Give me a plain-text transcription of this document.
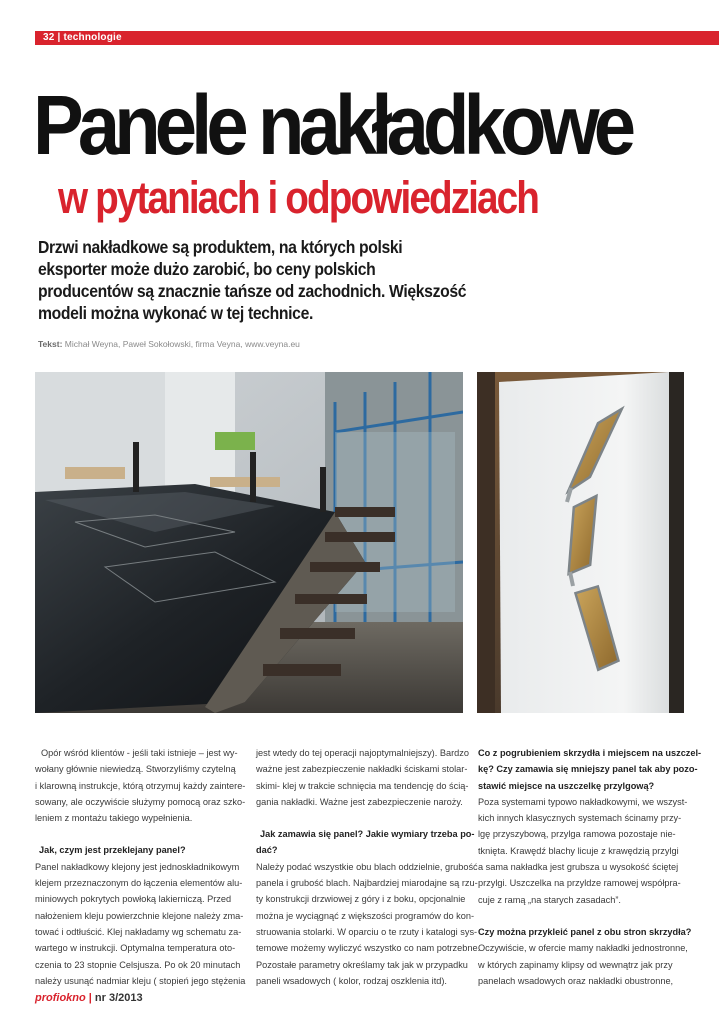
32 | technologie
Panele nakładkowe
w pytaniach i odpowiedziach

Drzwi nakładkowe są produktem, na których polski

eksporter może dużo zarobić, bo ceny polskich

producentów są znacznie tańsze od zachodnich. Większość

modeli można wykonać w tej technice.

Tekst: Michał Weyna, Paweł Sokołowski, firma Veyna, www.veyna.eu

Opór wśród klientów - jeśli taki istnieje – jest wy-

wołany głównie niewiedzą. Stworzyliśmy czytelną

i klarowną instrukcje, którą otrzymuj każdy zaintere-

sowany, ale oczywiście służymy pomocą oraz szko-

leniem z montażu takiego wypełnienia.

Jak, czym jest przeklejany panel?

Panel nakładkowy klejony jest jednoskładnikowym

klejem przeznaczonym do łączenia elementów alu-

miniowych pokrytych powłoką lakierniczą. Przed

nałożeniem kleju powierzchnie klejone należy zma-

tować i odtłuścić. Klej nakładamy wg schematu za-

wartego w instrukcji. Optymalna temperatura oto-

czenia to 23 stopnie Celsjusza. Po ok 20 minutach

należy usunąć nadmiar kleju ( stopień jego stężenia

jest wtedy do tej operacji najoptymalniejszy). Bardzo

ważne jest zabezpieczenie nakładki ściskami stolar-

skimi- klej w trakcie schnięcia ma tendencję do ścią-

gania nakładki. Ważne jest zabezpieczenie naroży.

Jak zamawia się panel? Jakie wymiary trzeba po-
dać?

Należy podać wszystkie obu blach oddzielnie, grubość

panela i grubość blach. Najbardziej miarodajne są rzu-

ty konstrukcji drzwiowej z góry i z boku, opcjonalnie

można je wyciągnąć z większości programów do kon-

struowania stolarki. W oparciu o te rzuty i katalogi sys-

temowe możemy wyliczyć wszystko co nam potrzebne.

Pozostałe parametry określamy tak jak w przypadku

paneli wsadowych ( kolor, rodzaj oszklenia itd).

Co z pogrubieniem skrzydła i miejscem na uszczel-
kę? Czy zamawia się mniejszy panel tak aby pozo-
stawić miejsce na uszczelkę przylgową?

Poza systemami typowo nakładkowymi, we wszyst-

kich innych klasycznych systemach ścinamy przy-

lgę przyszybową, przylga ramowa pozostaje nie-

tknięta. Krawędź blachy licuje z krawędzią przylgi

a sama nakładka jest grubsza u wysokość ściętej

przylgi. Uszczelka na przyldze ramowej współpra-

cuje z ramą „na starych zasadach”.

Czy można przykleić panel z obu stron skrzydła?

Oczywiście, w ofercie mamy nakładki jednostronne,

w których zapinamy klipsy od wewnątrz jak przy

panelach wsadowych oraz nakładki obustronne,

profiokno | nr 3/2013
